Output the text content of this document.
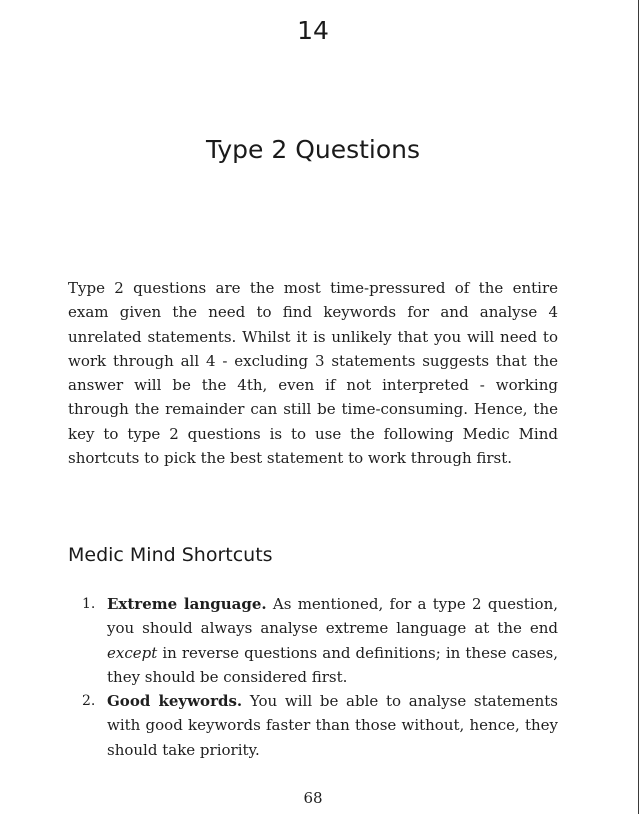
14
Type 2 Questions

Type 2 questions are the most time-pressured of the entire exam given the need to find keywords for and analyse 4 unrelated statements. Whilst it is unlikely that you will need to work through all 4 - excluding 3 statements suggests that the answer will be the 4th, even if not interpreted - working through the remainder can still be time-consuming. Hence, the key to type 2 questions is to use the following Medic Mind shortcuts to pick the best statement to work through first.

Medic Mind Shortcuts
1. Extreme language. As mentioned, for a type 2 question, you should always analyse extreme language at the end except in reverse questions and definitions; in these cases, they should be considered first.
2. Good keywords. You will be able to analyse statements with good keywords faster than those without, hence, they should take priority.
68
